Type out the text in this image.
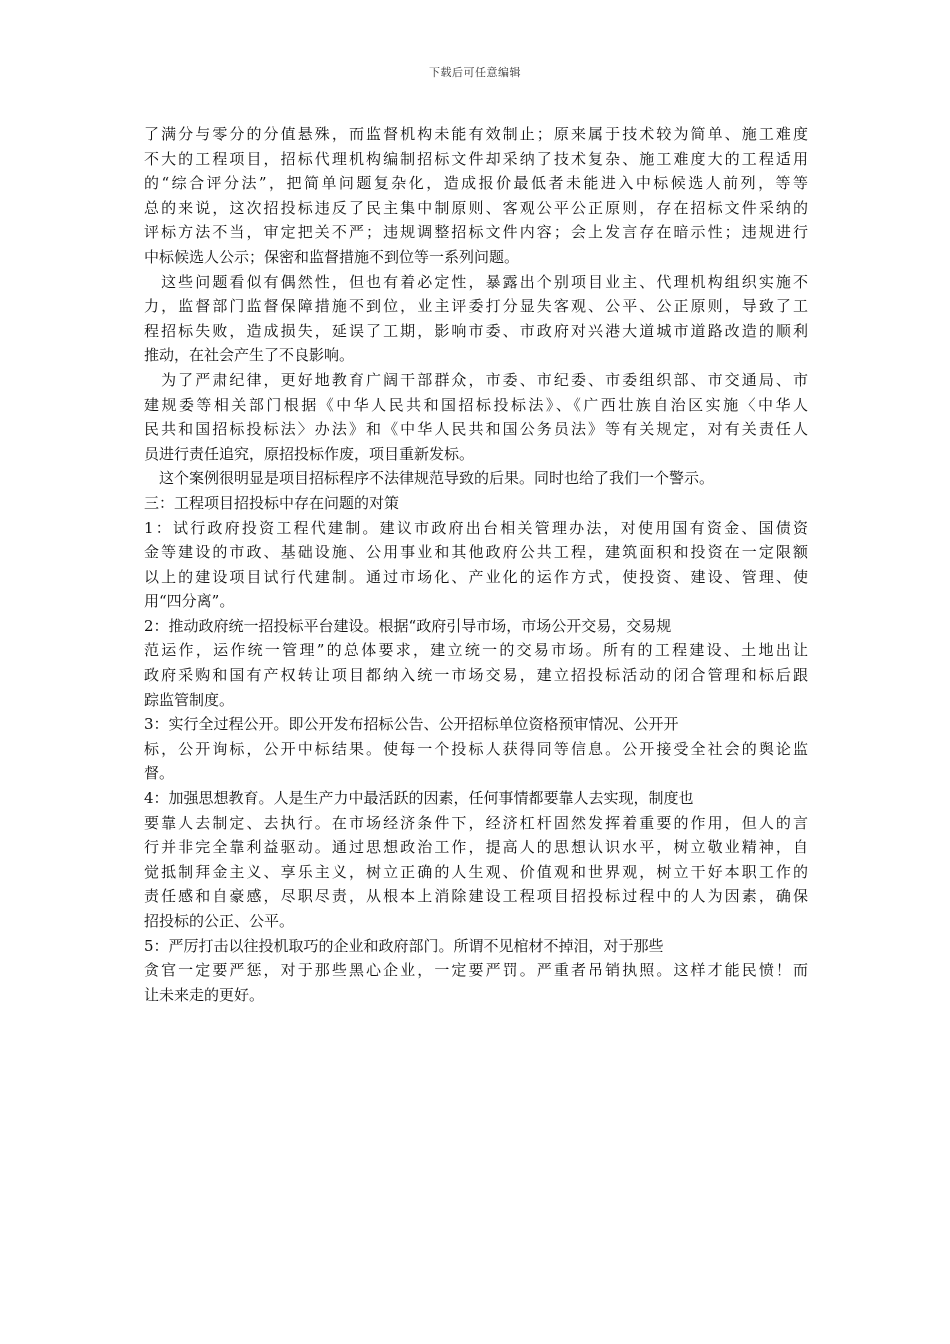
下载后可任意编辑
了满分与零分的分值悬殊，而监督机构未能有效制止；原来属于技术较为简单、施工难度
不大的工程项目，招标代理机构编制招标文件却采纳了技术复杂、施工难度大的工程适用
的“综合评分法”，把简单问题复杂化，造成报价最低者未能进入中标候选人前列，等等
总的来说，这次招投标违反了民主集中制原则、客观公平公正原则，存在招标文件采纳的
评标方法不当，审定把关不严；违规调整招标文件内容；会上发言存在暗示性；违规进行
中标候选人公示；保密和监督措施不到位等一系列问题。
　这些问题看似有偶然性，但也有着必定性，暴露出个别项目业主、代理机构组织实施不
力，监督部门监督保障措施不到位，业主评委打分显失客观、公平、公正原则，导致了工
程招标失败，造成损失，延误了工期，影响市委、市政府对兴港大道城市道路改造的顺利
推动，在社会产生了不良影响。
　为了严肃纪律，更好地教育广阔干部群众，市委、市纪委、市委组织部、市交通局、市
建规委等相关部门根据《中华人民共和国招标投标法》、《广西壮族自治区实施〈中华人
民共和国招标投标法〉办法》和《中华人民共和国公务员法》等有关规定，对有关责任人
员进行责任追究，原招投标作废，项目重新发标。
　这个案例很明显是项目招标程序不法律规范导致的后果。同时也给了我们一个警示。
三：工程项目招投标中存在问题的对策
1：试行政府投资工程代建制。建议市政府出台相关管理办法，对使用国有资金、国债资
金等建设的市政、基础设施、公用事业和其他政府公共工程，建筑面积和投资在一定限额
以上的建设项目试行代建制。通过市场化、产业化的运作方式，使投资、建设、管理、使
用“四分离”。
2：推动政府统一招投标平台建设。根据“政府引导市场，市场公开交易，交易规
范运作，运作统一管理”的总体要求，建立统一的交易市场。所有的工程建设、土地出让
政府采购和国有产权转让项目都纳入统一市场交易，建立招投标活动的闭合管理和标后跟
踪监管制度。
3：实行全过程公开。即公开发布招标公告、公开招标单位资格预审情况、公开开
标，公开询标，公开中标结果。使每一个投标人获得同等信息。公开接受全社会的舆论监
督。
4：加强思想教育。人是生产力中最活跃的因素，任何事情都要靠人去实现，制度也
要靠人去制定、去执行。在市场经济条件下，经济杠杆固然发挥着重要的作用，但人的言
行并非完全靠利益驱动。通过思想政治工作，提高人的思想认识水平，树立敬业精神，自
觉抵制拜金主义、享乐主义，树立正确的人生观、价值观和世界观，树立干好本职工作的
责任感和自豪感，尽职尽责，从根本上消除建设工程项目招投标过程中的人为因素，确保
招投标的公正、公平。
5：严厉打击以往投机取巧的企业和政府部门。所谓不见棺材不掉泪，对于那些
贪官一定要严惩，对于那些黑心企业，一定要严罚。严重者吊销执照。这样才能民愤！而
让未来走的更好。
